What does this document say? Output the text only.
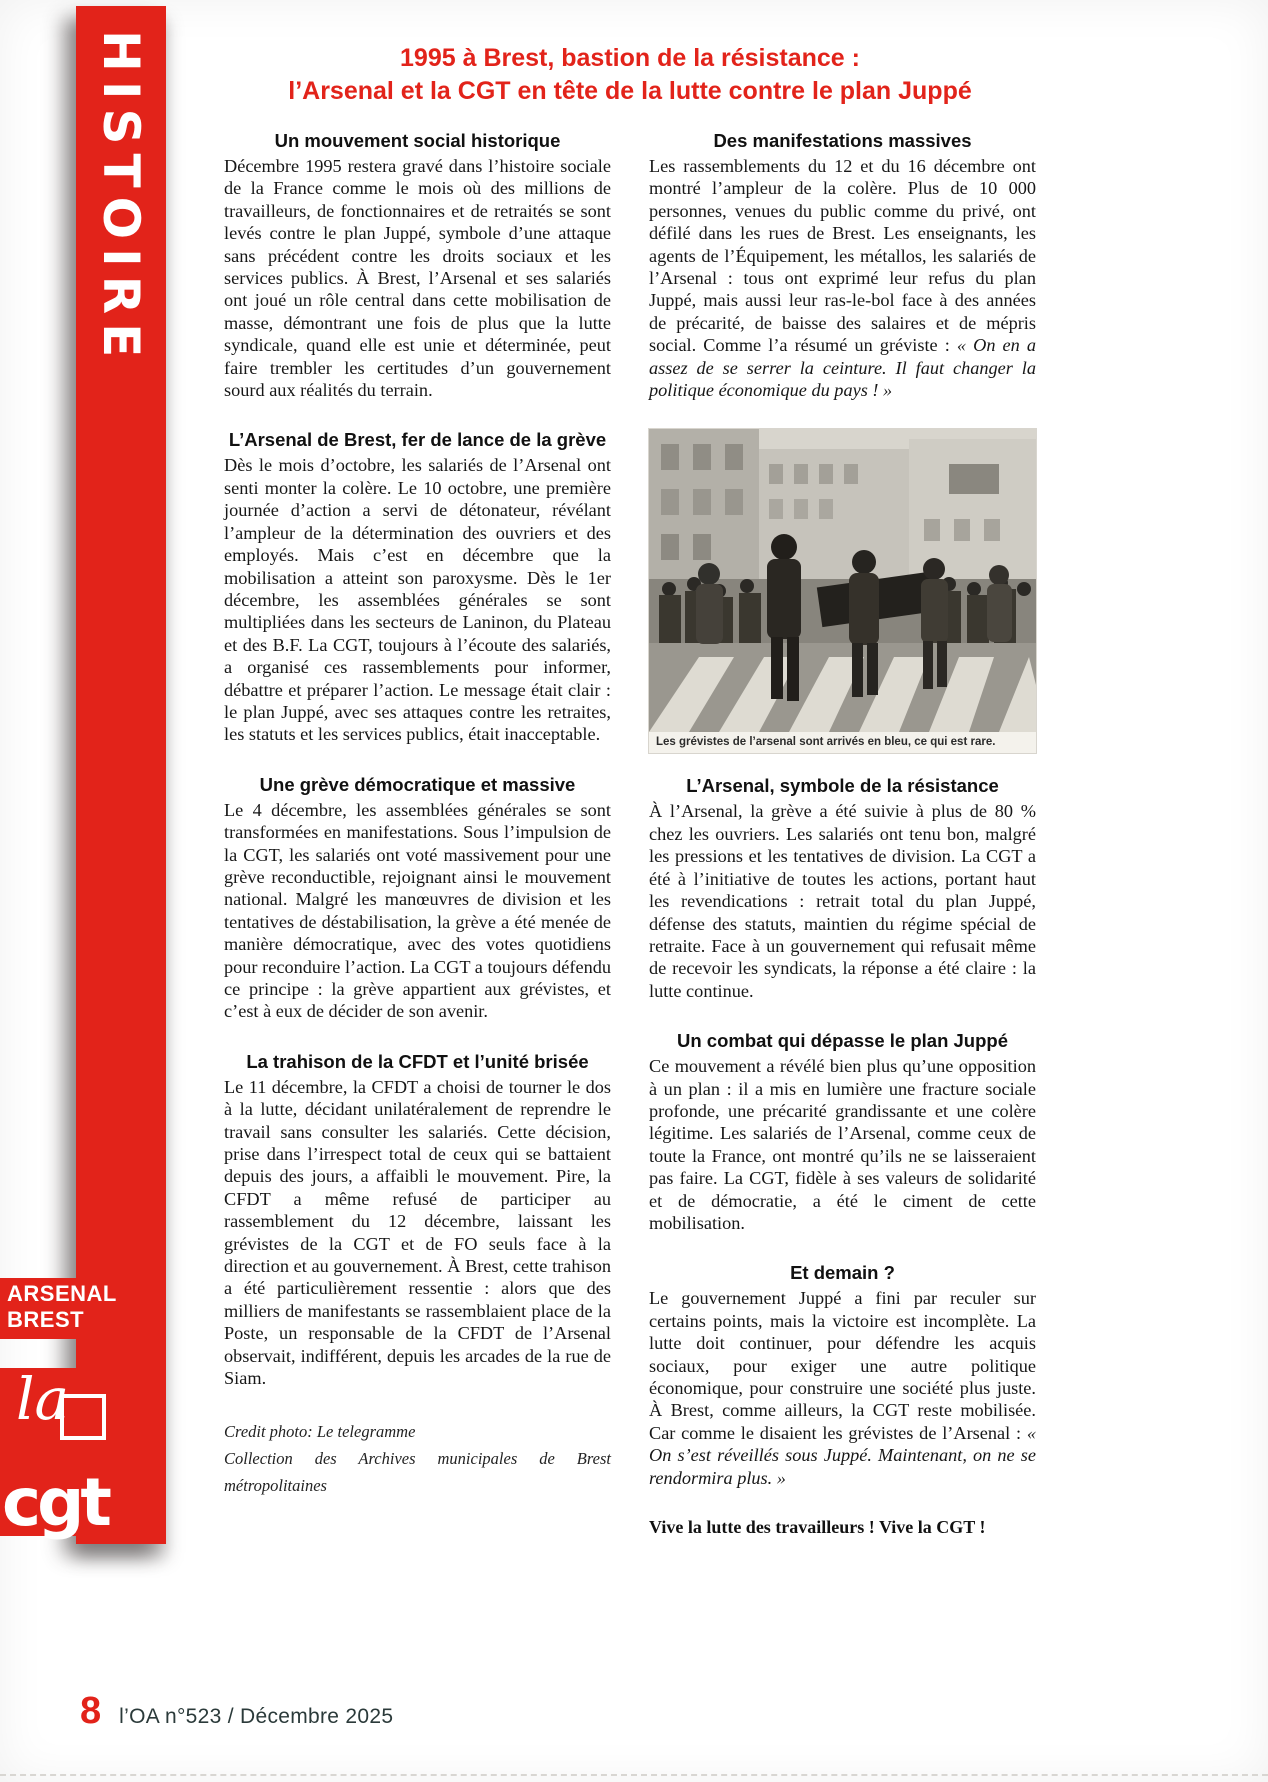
HISTOIRE
ARSENAL
BREST
la
cgt
1995 à Brest, bastion de la résistance :
l’Arsenal et la CGT en tête de la lutte contre le plan Juppé
Un mouvement social historique

Décembre 1995 restera gravé dans l’histoire sociale de la France comme le mois où des millions de travailleurs, de fonctionnaires et de retraités se sont levés contre le plan Juppé, symbole d’une attaque sans précédent contre les droits sociaux et les services publics. À Brest, l’Arsenal et ses salariés ont joué un rôle central dans cette mobilisation de masse, démontrant une fois de plus que la lutte syndicale, quand elle est unie et déterminée, peut faire trembler les certitudes d’un gouvernement sourd aux réalités du terrain.

L’Arsenal de Brest, fer de lance de la grève

Dès le mois d’octobre, les salariés de l’Arsenal ont senti monter la colère. Le 10 octobre, une première journée d’action a servi de détonateur, révélant l’ampleur de la détermination des ouvriers et des employés. Mais c’est en décembre que la mobilisation a atteint son paroxysme. Dès le 1er décembre, les assemblées générales se sont multipliées dans les secteurs de Laninon, du Plateau et des B.F. La CGT, toujours à l’écoute des salariés, a organisé ces rassemblements pour informer, débattre et préparer l’action. Le message était clair : le plan Juppé, avec ses attaques contre les retraites, les statuts et les services publics, était inacceptable.

Une grève démocratique et massive

Le 4 décembre, les assemblées générales se sont transformées en manifestations. Sous l’impulsion de la CGT, les salariés ont voté massivement pour une grève reconductible, rejoignant ainsi le mouvement national. Malgré les manœuvres de division et les tentatives de déstabilisation, la grève a été menée de manière démocratique, avec des votes quotidiens pour reconduire l’action. La CGT a toujours défendu ce principe : la grève appartient aux grévistes, et c’est à eux de décider de son avenir.

La trahison de la CFDT et l’unité brisée

Le 11 décembre, la CFDT a choisi de tourner le dos à la lutte, décidant unilatéralement de reprendre le travail sans consulter les salariés. Cette décision, prise dans l’irrespect total de ceux qui se battaient depuis des jours, a affaibli le mouvement. Pire, la CFDT a même refusé de participer au rassemblement du 12 décembre, laissant les grévistes de la CGT et de FO seuls face à la direction et au gouvernement. À Brest, cette trahison a été particulièrement ressentie : alors que des milliers de manifestants se rassemblaient place de la Poste, un responsable de la CFDT de l’Arsenal observait, indifférent, depuis les arcades de la rue de Siam.

Credit photo: Le telegramme
Collection des Archives municipales de Brest métropolitaines
Des manifestations massives

Les rassemblements du 12 et du 16 décembre ont montré l’ampleur de la colère. Plus de 10 000 personnes, venues du public comme du privé, ont défilé dans les rues de Brest. Les enseignants, les agents de l’Équipement, les métallos, les salariés de l’Arsenal : tous ont exprimé leur refus du plan Juppé, mais aussi leur ras-le-bol face à des années de précarité, de baisse des salaires et de mépris social. Comme l’a résumé un gréviste : « On en a assez de se serrer la ceinture. Il faut changer la politique économique du pays ! »

Les grévistes de l’arsenal sont arrivés en bleu, ce qui est rare.
L’Arsenal, symbole de la résistance

À l’Arsenal, la grève a été suivie à plus de 80 % chez les ouvriers. Les salariés ont tenu bon, malgré les pressions et les tentatives de division. La CGT a été à l’initiative de toutes les actions, portant haut les revendications : retrait total du plan Juppé, défense des statuts, maintien du régime spécial de retraite. Face à un gouvernement qui refusait même de recevoir les syndicats, la réponse a été claire : la lutte continue.

Un combat qui dépasse le plan Juppé

Ce mouvement a révélé bien plus qu’une opposition à un plan : il a mis en lumière une fracture sociale profonde, une précarité grandissante et une colère légitime. Les salariés de l’Arsenal, comme ceux de toute la France, ont montré qu’ils ne se laisseraient pas faire. La CGT, fidèle à ses valeurs de solidarité et de démocratie, a été le ciment de cette mobilisation.

Et demain ?

Le gouvernement Juppé a fini par reculer sur certains points, mais la victoire est incomplète. La lutte doit continuer, pour défendre les acquis sociaux, pour exiger une autre politique économique, pour construire une société plus juste. À Brest, comme ailleurs, la CGT reste mobilisée. Car comme le disaient les grévistes de l’Arsenal : « On s’est réveillés sous Juppé. Maintenant, on ne se rendormira plus. »

Vive la lutte des travailleurs ! Vive la CGT !

8 l’OA n°523 / Décembre 2025
